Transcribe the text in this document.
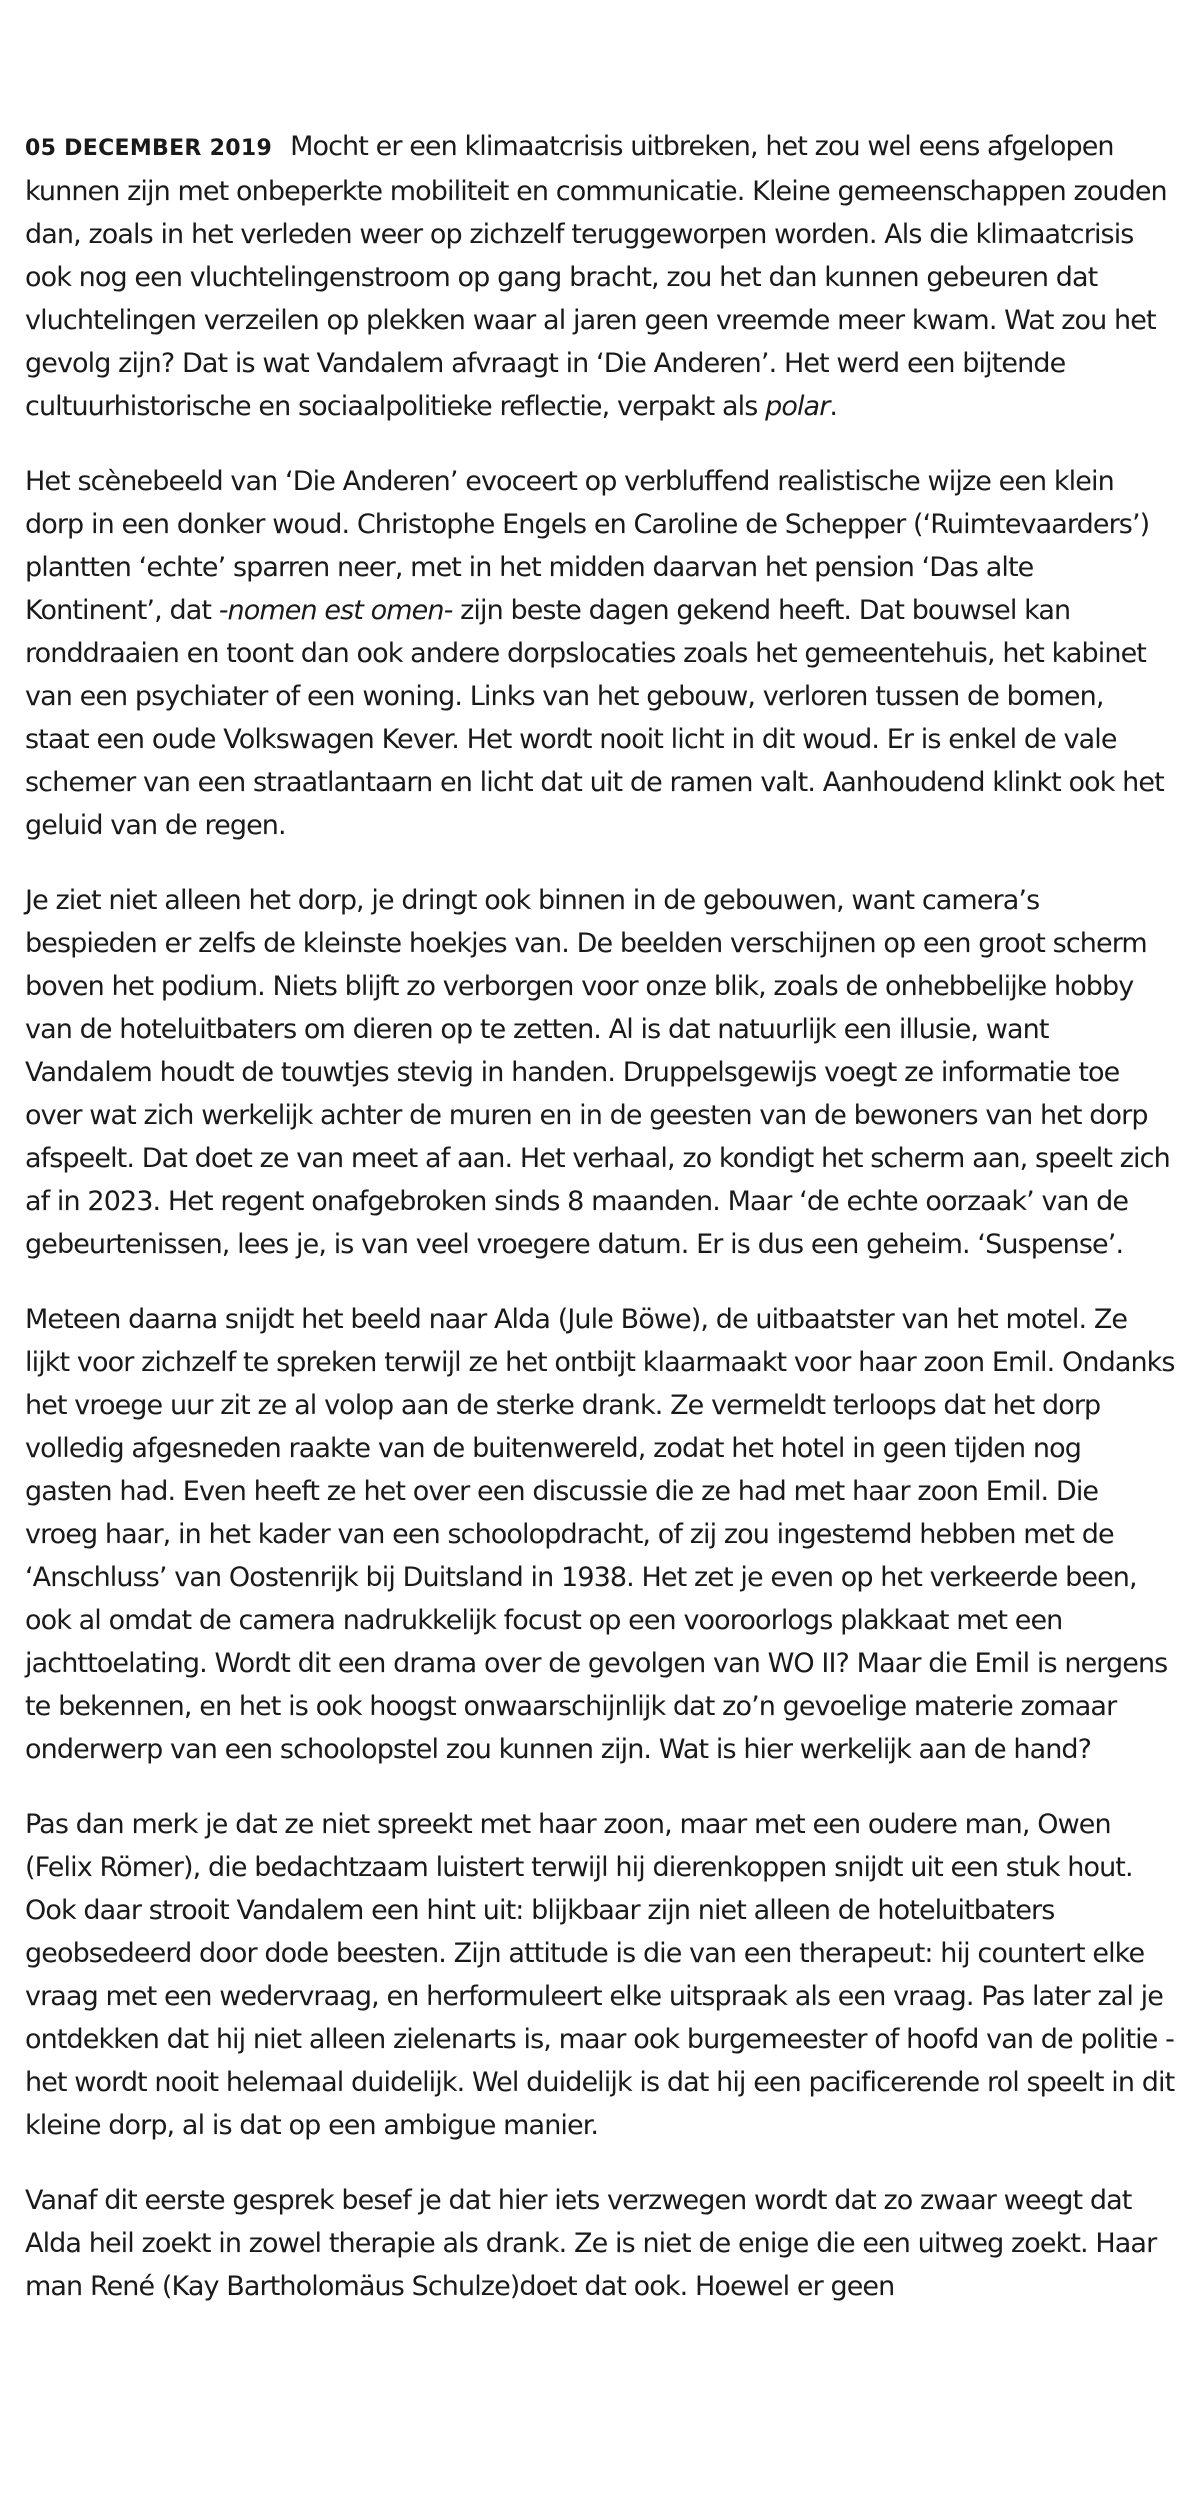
05 DECEMBER 2019 Mocht er een klimaatcrisis uitbreken, het zou wel eens afgelopen kunnen zijn met onbeperkte mobiliteit en communicatie. Kleine gemeenschappen zouden dan, zoals in het verleden weer op zichzelf teruggeworpen worden. Als die klimaatcrisis ook nog een vluchtelingenstroom op gang bracht, zou het dan kunnen gebeuren dat vluchtelingen verzeilen op plekken waar al jaren geen vreemde meer kwam. Wat zou het gevolg zijn? Dat is wat Vandalem afvraagt in ‘Die Anderen’. Het werd een bijtende cultuurhistorische en sociaalpolitieke reflectie, verpakt als polar.

Het scènebeeld van ‘Die Anderen’ evoceert op verbluffend realistische wijze een klein dorp in een donker woud. Christophe Engels en Caroline de Schepper (‘Ruimtevaarders’) plantten ‘echte’ sparren neer, met in het midden daarvan het pension ‘Das alte Kontinent’, dat -nomen est omen- zijn beste dagen gekend heeft. Dat bouwsel kan ronddraaien en toont dan ook andere dorpslocaties zoals het gemeentehuis, het kabinet van een psychiater of een woning. Links van het gebouw, verloren tussen de bomen, staat een oude Volkswagen Kever. Het wordt nooit licht in dit woud. Er is enkel de vale schemer van een straatlantaarn en licht dat uit de ramen valt. Aanhoudend klinkt ook het geluid van de regen.

Je ziet niet alleen het dorp, je dringt ook binnen in de gebouwen, want camera’s bespieden er zelfs de kleinste hoekjes van. De beelden verschijnen op een groot scherm boven het podium. Niets blijft zo verborgen voor onze blik, zoals de onhebbelijke hobby van de hoteluitbaters om dieren op te zetten. Al is dat natuurlijk een illusie, want Vandalem houdt de touwtjes stevig in handen. Druppelsgewijs voegt ze informatie toe over wat zich werkelijk achter de muren en in de geesten van de bewoners van het dorp afspeelt. Dat doet ze van meet af aan. Het verhaal, zo kondigt het scherm aan, speelt zich af in 2023. Het regent onafgebroken sinds 8 maanden. Maar ‘de echte oorzaak’ van de gebeurtenissen, lees je, is van veel vroegere datum. Er is dus een geheim. ‘Suspense’.

Meteen daarna snijdt het beeld naar Alda (Jule Böwe), de uitbaatster van het motel. Ze lijkt voor zichzelf te spreken terwijl ze het ontbijt klaarmaakt voor haar zoon Emil. Ondanks het vroege uur zit ze al volop aan de sterke drank. Ze vermeldt terloops dat het dorp volledig afgesneden raakte van de buitenwereld, zodat het hotel in geen tijden nog gasten had. Even heeft ze het over een discussie die ze had met haar zoon Emil. Die vroeg haar, in het kader van een schoolopdracht, of zij zou ingestemd hebben met de ‘Anschluss’ van Oostenrijk bij Duitsland in 1938. Het zet je even op het verkeerde been, ook al omdat de camera nadrukkelijk focust op een vooroorlogs plakkaat met een jachttoelating. Wordt dit een drama over de gevolgen van WO II? Maar die Emil is nergens te bekennen, en het is ook hoogst onwaarschijnlijk dat zo’n gevoelige materie zomaar onderwerp van een schoolopstel zou kunnen zijn. Wat is hier werkelijk aan de hand?

Pas dan merk je dat ze niet spreekt met haar zoon, maar met een oudere man, Owen (Felix Römer), die bedachtzaam luistert terwijl hij dierenkoppen snijdt uit een stuk hout. Ook daar strooit Vandalem een hint uit: blijkbaar zijn niet alleen de hoteluitbaters geobsedeerd door dode beesten. Zijn attitude is die van een therapeut: hij countert elke vraag met een wedervraag, en herformuleert elke uitspraak als een vraag. Pas later zal je ontdekken dat hij niet alleen zielenarts is, maar ook burgemeester of hoofd van de politie -het wordt nooit helemaal duidelijk. Wel duidelijk is dat hij een pacificerende rol speelt in dit kleine dorp, al is dat op een ambigue manier.

Vanaf dit eerste gesprek besef je dat hier iets verzwegen wordt dat zo zwaar weegt dat Alda heil zoekt in zowel therapie als drank. Ze is niet de enige die een uitweg zoekt. Haar man René (Kay Bartholomäus Schulze)doet dat ook. Hoewel er geen
